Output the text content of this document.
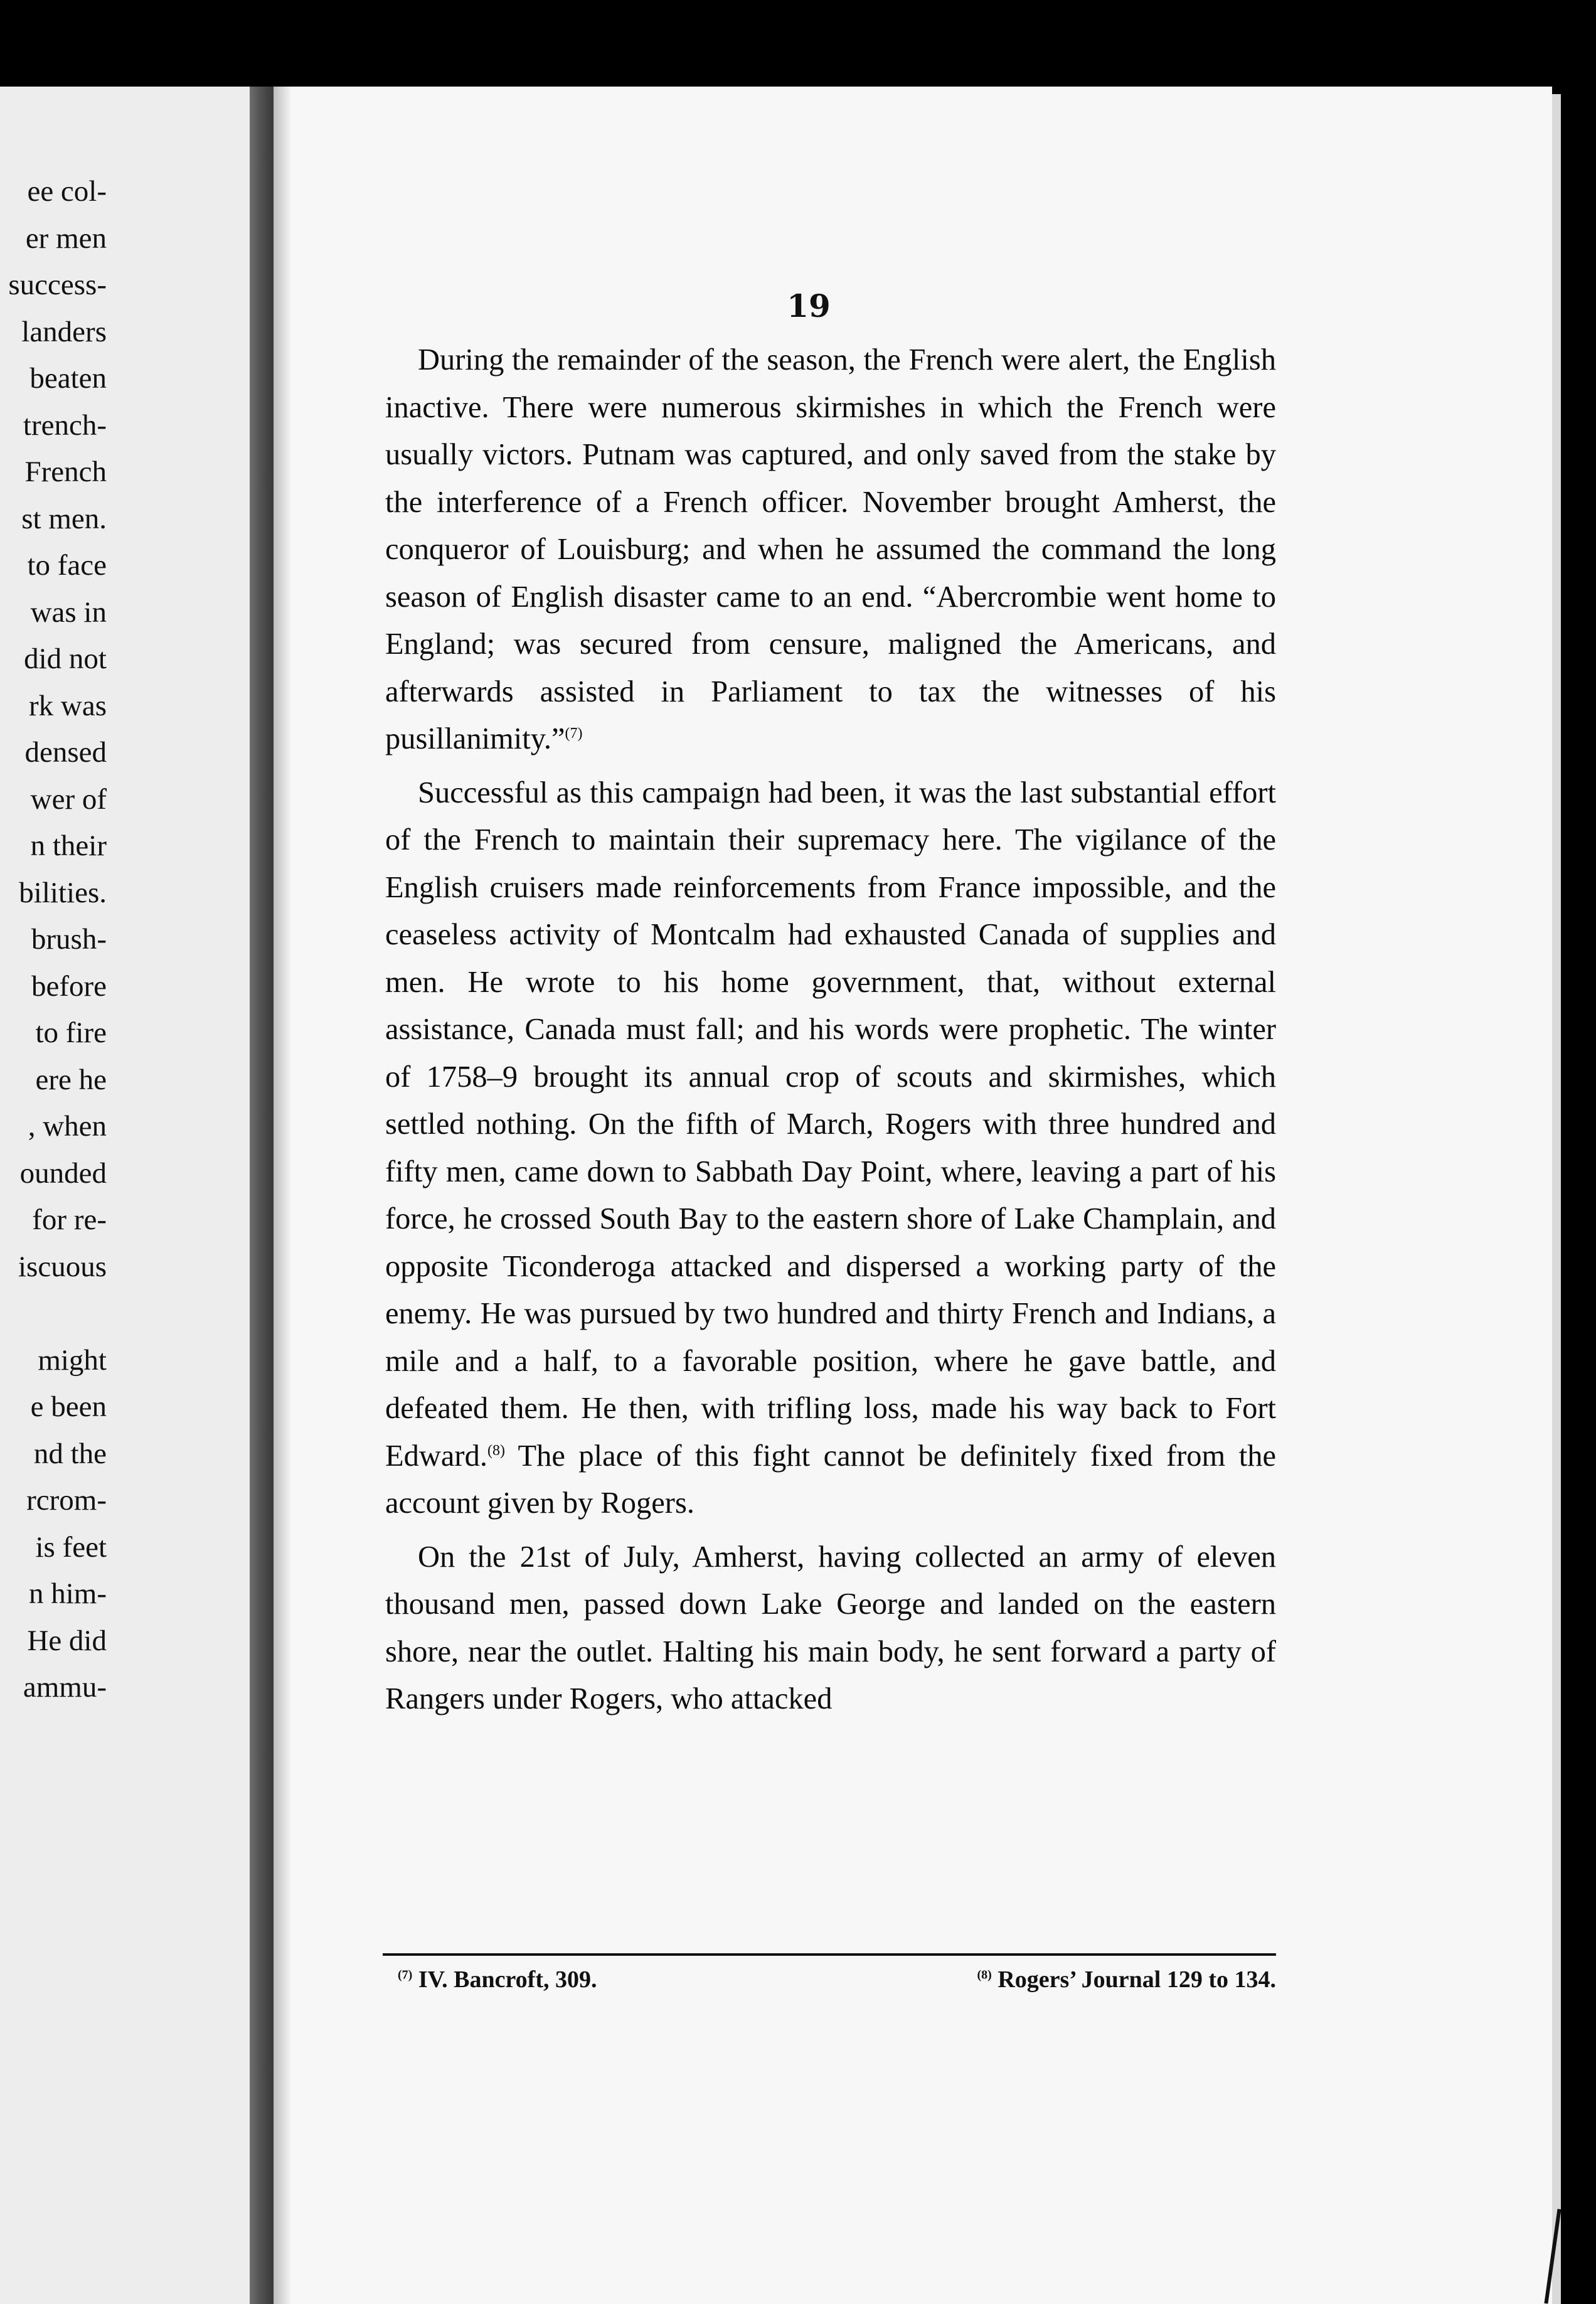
ee col-
er men
success-
landers
beaten
trench-
French
st men.
to face
was in
did not
rk was
densed
wer of
n their
bilities.
brush-
before
to fire
ere he
, when
ounded
for re-
iscuous
might
e been
nd the
rcrom-
is feet
n him-
He did
ammu-
19

During the remainder of the season, the French were alert, the English inactive. There were numerous skirmishes in which the French were usually victors. Putnam was captured, and only saved from the stake by the interference of a French officer. November brought Amherst, the conqueror of Louisburg; and when he assumed the command the long season of English disaster came to an end. “Abercrombie went home to England; was secured from censure, maligned the Americans, and afterwards assisted in Parliament to tax the witnesses of his pusillanimity.”$^{(7)}$

Successful as this campaign had been, it was the last substantial effort of the French to maintain their supremacy here. The vigilance of the English cruisers made reinforcements from France impossible, and the ceaseless activity of Montcalm had exhausted Canada of supplies and men. He wrote to his home government, that, without external assistance, Canada must fall; and his words were prophetic. The winter of 1758–9 brought its annual crop of scouts and skirmishes, which settled nothing. On the fifth of March, Rogers with three hundred and fifty men, came down to Sabbath Day Point, where, leaving a part of his force, he crossed South Bay to the eastern shore of Lake Champlain, and opposite Ticonderoga attacked and dispersed a working party of the enemy. He was pursued by two hundred and thirty French and Indians, a mile and a half, to a favorable position, where he gave battle, and defeated them. He then, with trifling loss, made his way back to Fort Edward.$^{(8)}$ The place of this fight cannot be definitely fixed from the account given by Rogers.

On the 21st of July, Amherst, having collected an army of eleven thousand men, passed down Lake George and landed on the eastern shore, near the outlet. Halting his main body, he sent forward a party of Rangers under Rogers, who attacked

$^{(7)}$ IV. Bancroft, 309.	$^{(8)}$ Rogers’ Journal 129 to 134.
